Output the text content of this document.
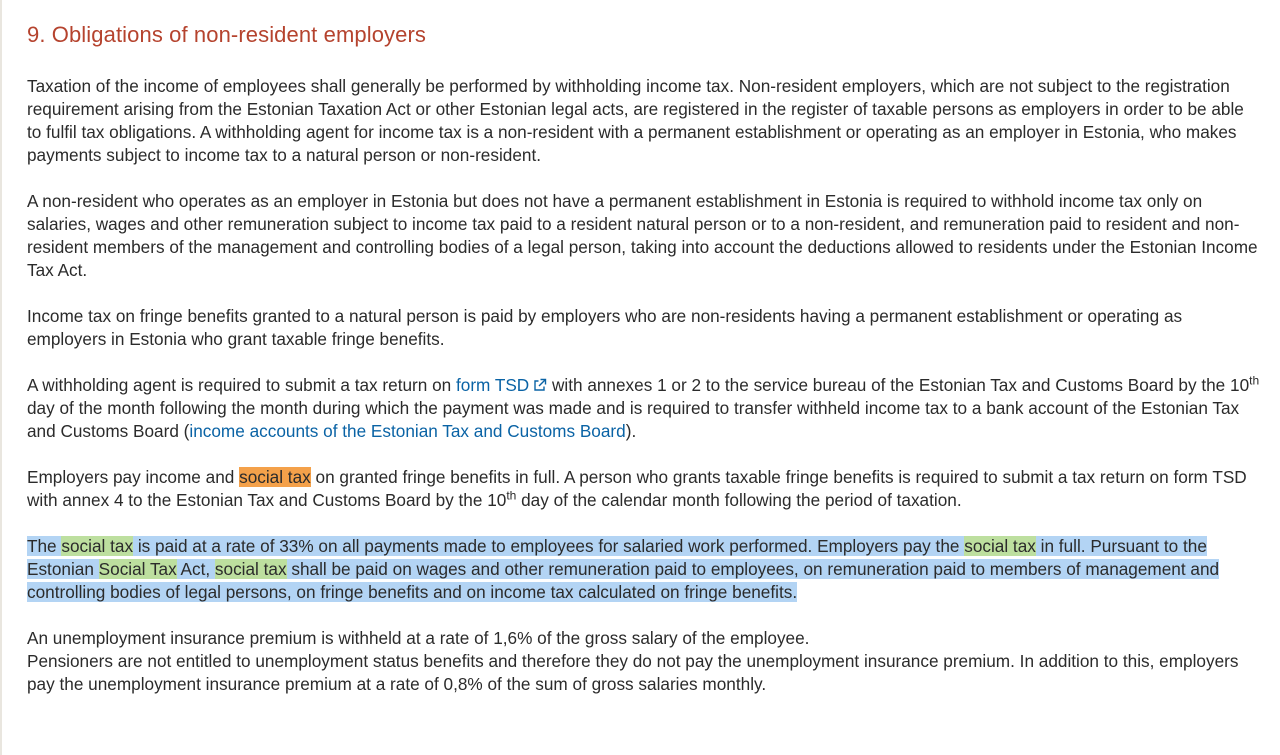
9. Obligations of non-resident employers

Taxation of the income of employees shall generally be performed by withholding income tax. Non-resident employers, which are not subject to the registration requirement arising from the Estonian Taxation Act or other Estonian legal acts, are registered in the register of taxable persons as employers in order to be able to fulfil tax obligations. A withholding agent for income tax is a non-resident with a permanent establishment or operating as an employer in Estonia, who makes payments subject to income tax to a natural person or non-resident.

A non-resident who operates as an employer in Estonia but does not have a permanent establishment in Estonia is required to withhold income tax only on salaries, wages and other remuneration subject to income tax paid to a resident natural person or to a non-resident, and remuneration paid to resident and non-resident members of the management and controlling bodies of a legal person, taking into account the deductions allowed to residents under the Estonian Income Tax Act.

Income tax on fringe benefits granted to a natural person is paid by employers who are non-residents having a permanent establishment or operating as employers in Estonia who grant taxable fringe benefits.

A withholding agent is required to submit a tax return on form TSD with annexes 1 or 2 to the service bureau of the Estonian Tax and Customs Board by the 10th day of the month following the month during which the payment was made and is required to transfer withheld income tax to a bank account of the Estonian Tax and Customs Board (income accounts of the Estonian Tax and Customs Board).

Employers pay income and social tax on granted fringe benefits in full. A person who grants taxable fringe benefits is required to submit a tax return on form TSD with annex 4 to the Estonian Tax and Customs Board by the 10th day of the calendar month following the period of taxation.

The social tax is paid at a rate of 33% on all payments made to employees for salaried work performed. Employers pay the social tax in full. Pursuant to the Estonian Social Tax Act, social tax shall be paid on wages and other remuneration paid to employees, on remuneration paid to members of management and controlling bodies of legal persons, on fringe benefits and on income tax calculated on fringe benefits.

An unemployment insurance premium is withheld at a rate of 1,6% of the gross salary of the employee.
Pensioners are not entitled to unemployment status benefits and therefore they do not pay the unemployment insurance premium. In addition to this, employers pay the unemployment insurance premium at a rate of 0,8% of the sum of gross salaries monthly.
